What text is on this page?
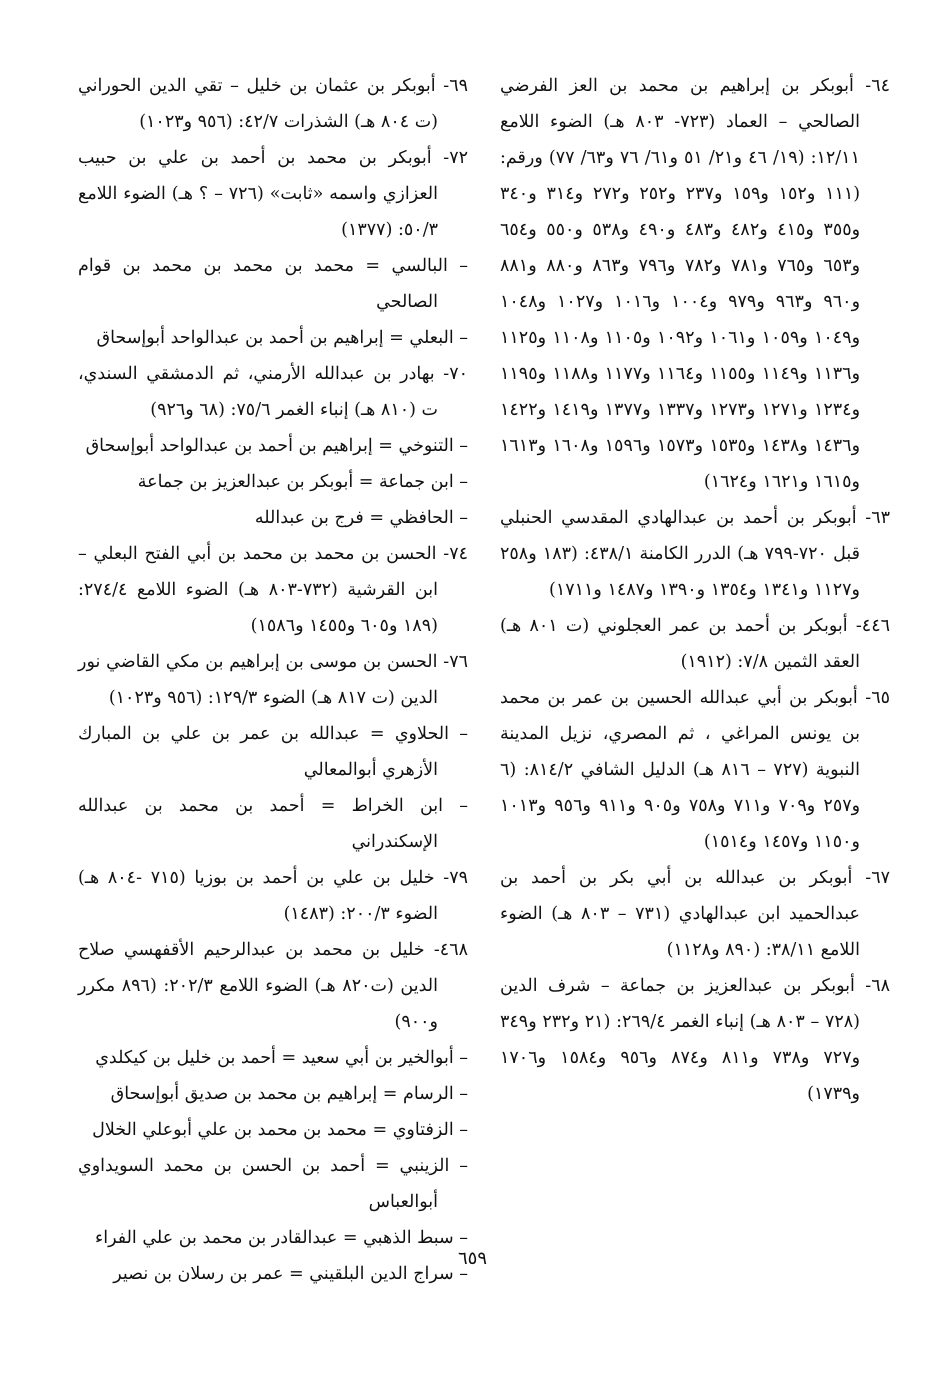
٦٤- أبوبكر بن إبراهيم بن محمد بن العز الفرضي الصالحي – العماد (٧٢٣- ٨٠٣ هـ) الضوء اللامع ١٢/١١: (١٩/ ٤٦ و٢١/ ٥١ و٦١/ ٧٦ و٦٣/ ٧٧) ورقم: (١١١ و١٥٢ و١٥٩ و٢٣٧ و٢٥٢ و٢٧٢ و٣١٤ و٣٤٠ و٣٥٥ و٤١٥ و٤٨٢ و٤٨٣ و٤٩٠ و٥٣٨ و٥٥٠ و٦٥٤ و٦٥٣ و٧٦٥ و٧٨١ و٧٨٢ و٧٩٦ و٨٦٣ و٨٨٠ و٨٨١ و٩٦٠ و٩٦٣ و٩٧٩ و١٠٠٤ و١٠١٦ و١٠٢٧ و١٠٤٨ و١٠٤٩ و١٠٥٩ و١٠٦١ و١٠٩٢ و١١٠٥ و١١٠٨ و١١٢٥ و١١٣٦ و١١٤٩ و١١٥٥ و١١٦٤ و١١٧٧ و١١٨٨ و١١٩٥ و١٢٣٤ و١٢٧١ و١٢٧٣ و١٣٣٧ و١٣٧٧ و١٤١٩ و١٤٢٢ و١٤٣٦ و١٤٣٨ و١٥٣٥ و١٥٧٣ و١٥٩٦ و١٦٠٨ و١٦١٣ و١٦١٥ و١٦٢١ و١٦٢٤)

٦٣- أبوبكر بن أحمد بن عبدالهادي المقدسي الحنبلي قبل ٧٢٠-٧٩٩ هـ) الدرر الكامنة ٤٣٨/١: (١٨٣ و٢٥٨ و١١٢٧ و١٣٤١ و١٣٥٤ و١٣٩٠ و١٤٨٧ و١٧١١)

٤٤٦- أبوبكر بن أحمد بن عمر العجلوني (ت ٨٠١ هـ) العقد الثمين ٧/٨: (١٩١٢)

٦٥- أبوبكر بن أبي عبدالله الحسين بن عمر بن محمد بن يونس المراغي ، ثم المصري، نزيل المدينة النبوية (٧٢٧ – ٨١٦ هـ) الدليل الشافي ٨١٤/٢: (٦ و٢٥٧ و٧٠٩ و٧١١ و٧٥٨ و٩٠٥ و٩١١ و٩٥٦ و١٠١٣ و١١٥٠ و١٤٥٧ و١٥١٤)

٦٧- أبوبكر بن عبدالله بن أبي بكر بن أحمد بن عبدالحميد ابن عبدالهادي (٧٣١ – ٨٠٣ هـ) الضوء اللامع ٣٨/١١: (٨٩٠ و١١٢٨)

٦٨- أبوبكر بن عبدالعزيز بن جماعة – شرف الدين (٧٢٨ – ٨٠٣ هـ) إنباء الغمر ٢٦٩/٤: (٢١ و٢٣٢ و٣٤٩ و٧٢٧ و٧٣٨ و٨١١ و٨٧٤ و٩٥٦ و١٥٨٤ و١٧٠٦ و١٧٣٩)

٦٩- أبوبكر بن عثمان بن خليل – تقي الدين الحوراني (ت ٨٠٤ هـ) الشذرات ٤٢/٧: (٩٥٦ و١٠٢٣)

٧٢- أبوبكر بن محمد بن أحمد بن علي بن حبيب العزازي واسمه «ثابت» (٧٢٦ – ؟ هـ) الضوء اللامع ٥٠/٣: (١٣٧٧)

– البالسي = محمد بن محمد بن محمد بن قوام الصالحي

– البعلي = إبراهيم بن أحمد بن عبدالواحد أبوإسحاق

٧٠- بهادر بن عبدالله الأرمني، ثم الدمشقي السندي، ت (٨١٠ هـ) إنباء الغمر ٧٥/٦: (٦٨ و٩٢٦)

– التنوخي = إبراهيم بن أحمد بن عبدالواحد أبوإسحاق

– ابن جماعة = أبوبكر بن عبدالعزيز بن جماعة

– الحافظي = فرج بن عبدالله

٧٤- الحسن بن محمد بن محمد بن أبي الفتح البعلي – ابن القرشية (٧٣٢-٨٠٣ هـ) الضوء اللامع ٢٧٤/٤: (١٨٩ و٦٠٥ و١٤٥٥ و١٥٨٦)

٧٦- الحسن بن موسى بن إبراهيم بن مكي القاضي نور الدين (ت ٨١٧ هـ) الضوء ١٢٩/٣: (٩٥٦ و١٠٢٣)

– الحلاوي = عبدالله بن عمر بن علي بن المبارك الأزهري أبوالمعالي

– ابن الخراط = أحمد بن محمد بن عبدالله الإسكندراني

٧٩- خليل بن علي بن أحمد بن بوزيا (٧١٥ -٨٠٤ هـ) الضوء ٢٠٠/٣: (١٤٨٣)

٤٦٨- خليل بن محمد بن عبدالرحيم الأقفهسي صلاح الدين (ت٨٢٠ هـ) الضوء اللامع ٢٠٢/٣: (٨٩٦ مكرر و٩٠٠)

– أبوالخير بن أبي سعيد = أحمد بن خليل بن كيكلدي

– الرسام = إبراهيم بن محمد بن صديق أبوإسحاق

– الزفتاوي = محمد بن محمد بن علي أبوعلي الخلال

– الزينبي = أحمد بن الحسن بن محمد السويداوي أبوالعباس

– سبط الذهبي = عبدالقادر بن محمد بن علي الفراء

– سراج الدين البلقيني = عمر بن رسلان بن نصير

٦٥٩
